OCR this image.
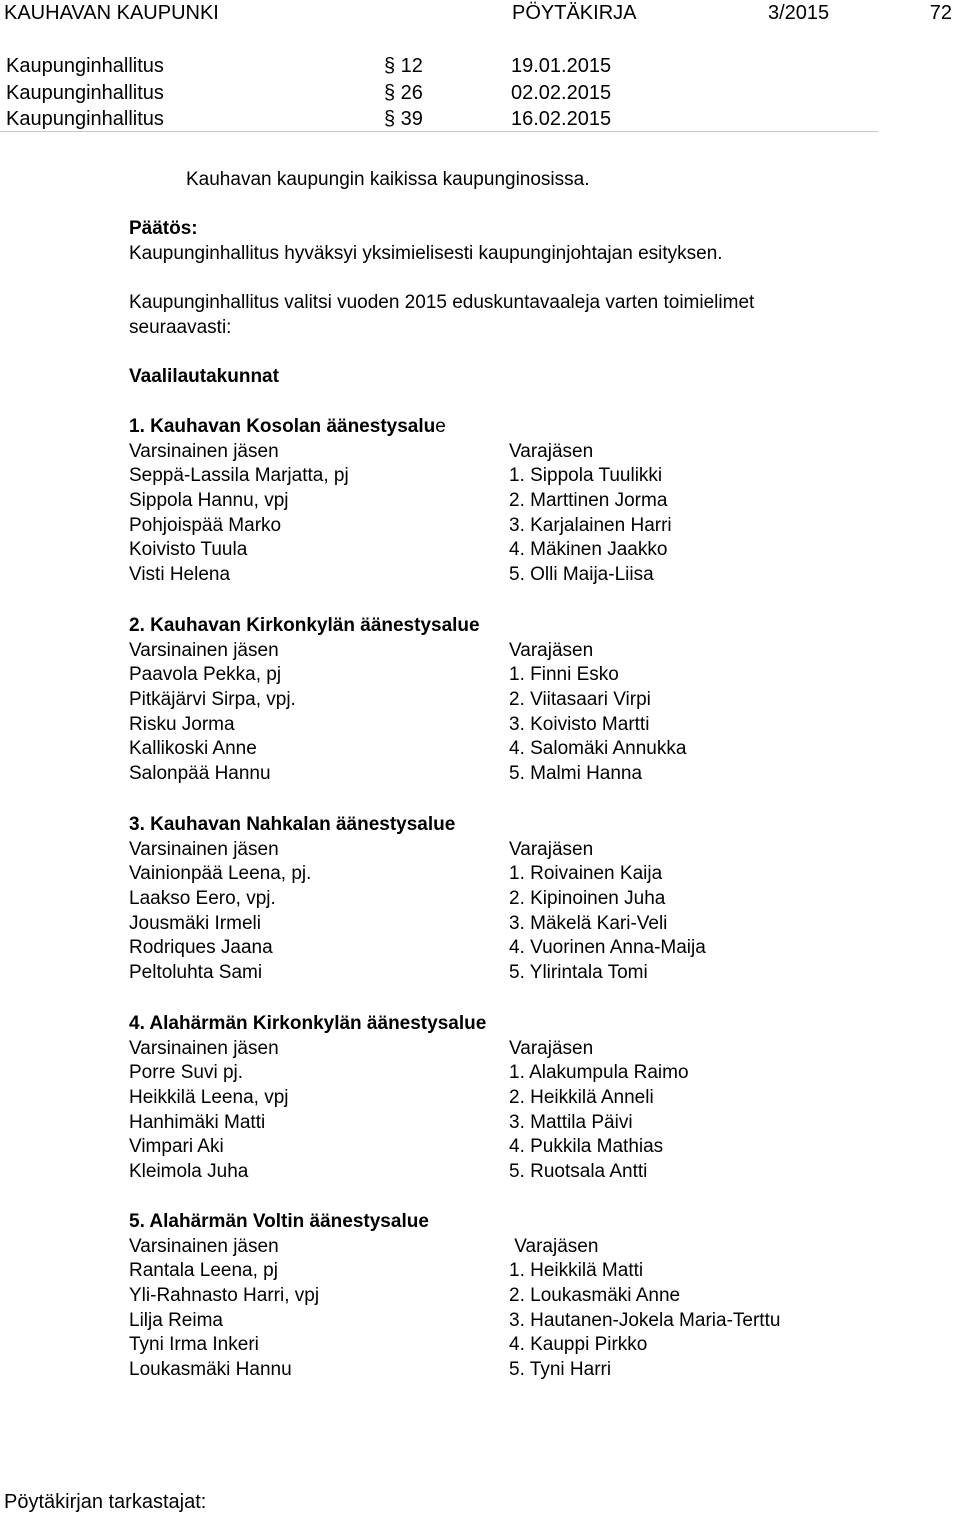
KAUHAVAN KAUPUNKI	PÖYTÄKIRJA	3/2015	72
Kaupunginhallitus	§ 12	19.01.2015
Kaupunginhallitus	§ 26	02.02.2015
Kaupunginhallitus	§ 39	16.02.2015
Kauhavan kaupungin kaikissa kaupunginosissa.
Päätös:
Kaupunginhallitus hyväksyi yksimielisesti kaupunginjohtajan esityksen.
Kaupunginhallitus valitsi vuoden 2015 eduskuntavaaleja varten toimielimet
seuraavasti:
Vaalilautakunnat
1. Kauhavan Kosolan äänestysalue
Varsinainen jäsen	Varajäsen
Seppä-Lassila Marjatta, pj	1. Sippola Tuulikki
Sippola Hannu, vpj	2. Marttinen Jorma
Pohjoispää Marko	3. Karjalainen Harri
Koivisto Tuula	4. Mäkinen Jaakko
Visti Helena	5. Olli Maija-Liisa
2. Kauhavan Kirkonkylän äänestysalue
Varsinainen jäsen	Varajäsen
Paavola Pekka, pj	1. Finni Esko
Pitkäjärvi Sirpa, vpj.	2. Viitasaari Virpi
Risku Jorma	3. Koivisto Martti
Kallikoski Anne	4. Salomäki Annukka
Salonpää Hannu	5. Malmi Hanna
3. Kauhavan Nahkalan äänestysalue
Varsinainen jäsen	Varajäsen
Vainionpää Leena, pj.	1. Roivainen Kaija
Laakso Eero, vpj.	2. Kipinoinen Juha
Jousmäki Irmeli	3. Mäkelä Kari-Veli
Rodriques Jaana	4. Vuorinen Anna-Maija
Peltoluhta Sami	5. Ylirintala Tomi
4. Alahärmän Kirkonkylän äänestysalue
Varsinainen jäsen	Varajäsen
Porre Suvi pj.	1. Alakumpula Raimo
Heikkilä Leena, vpj	2. Heikkilä Anneli
Hanhimäki Matti	3. Mattila Päivi
Vimpari Aki	4. Pukkila Mathias
Kleimola Juha	5. Ruotsala Antti
5. Alahärmän Voltin äänestysalue
Varsinainen jäsen	Varajäsen
Rantala Leena, pj	1. Heikkilä Matti
Yli-Rahnasto Harri, vpj	2. Loukasmäki Anne
Lilja Reima	3. Hautanen-Jokela Maria-Terttu
Tyni Irma Inkeri	4. Kauppi Pirkko
Loukasmäki Hannu	5. Tyni Harri
Pöytäkirjan tarkastajat:
